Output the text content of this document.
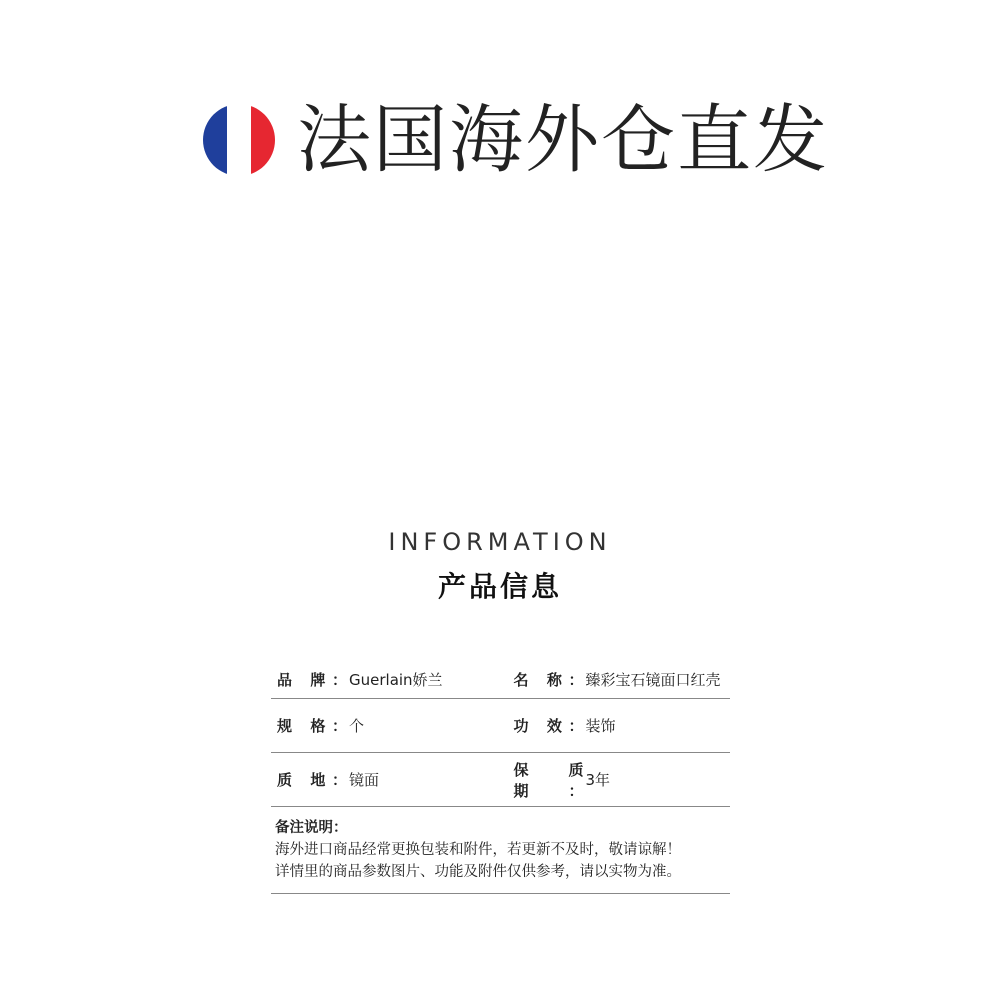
法国海外仓直发
INFORMATION
产品信息
品 牌： Guerlain娇兰	名 称： 臻彩宝石镜面口红壳
规 格： 个	功 效： 装饰
质 地： 镜面
保 质 期：
3年
备注说明：
海外进口商品经常更换包装和附件，若更新不及时，敬请谅解！
详情里的商品参数图片、功能及附件仅供参考，请以实物为准。
